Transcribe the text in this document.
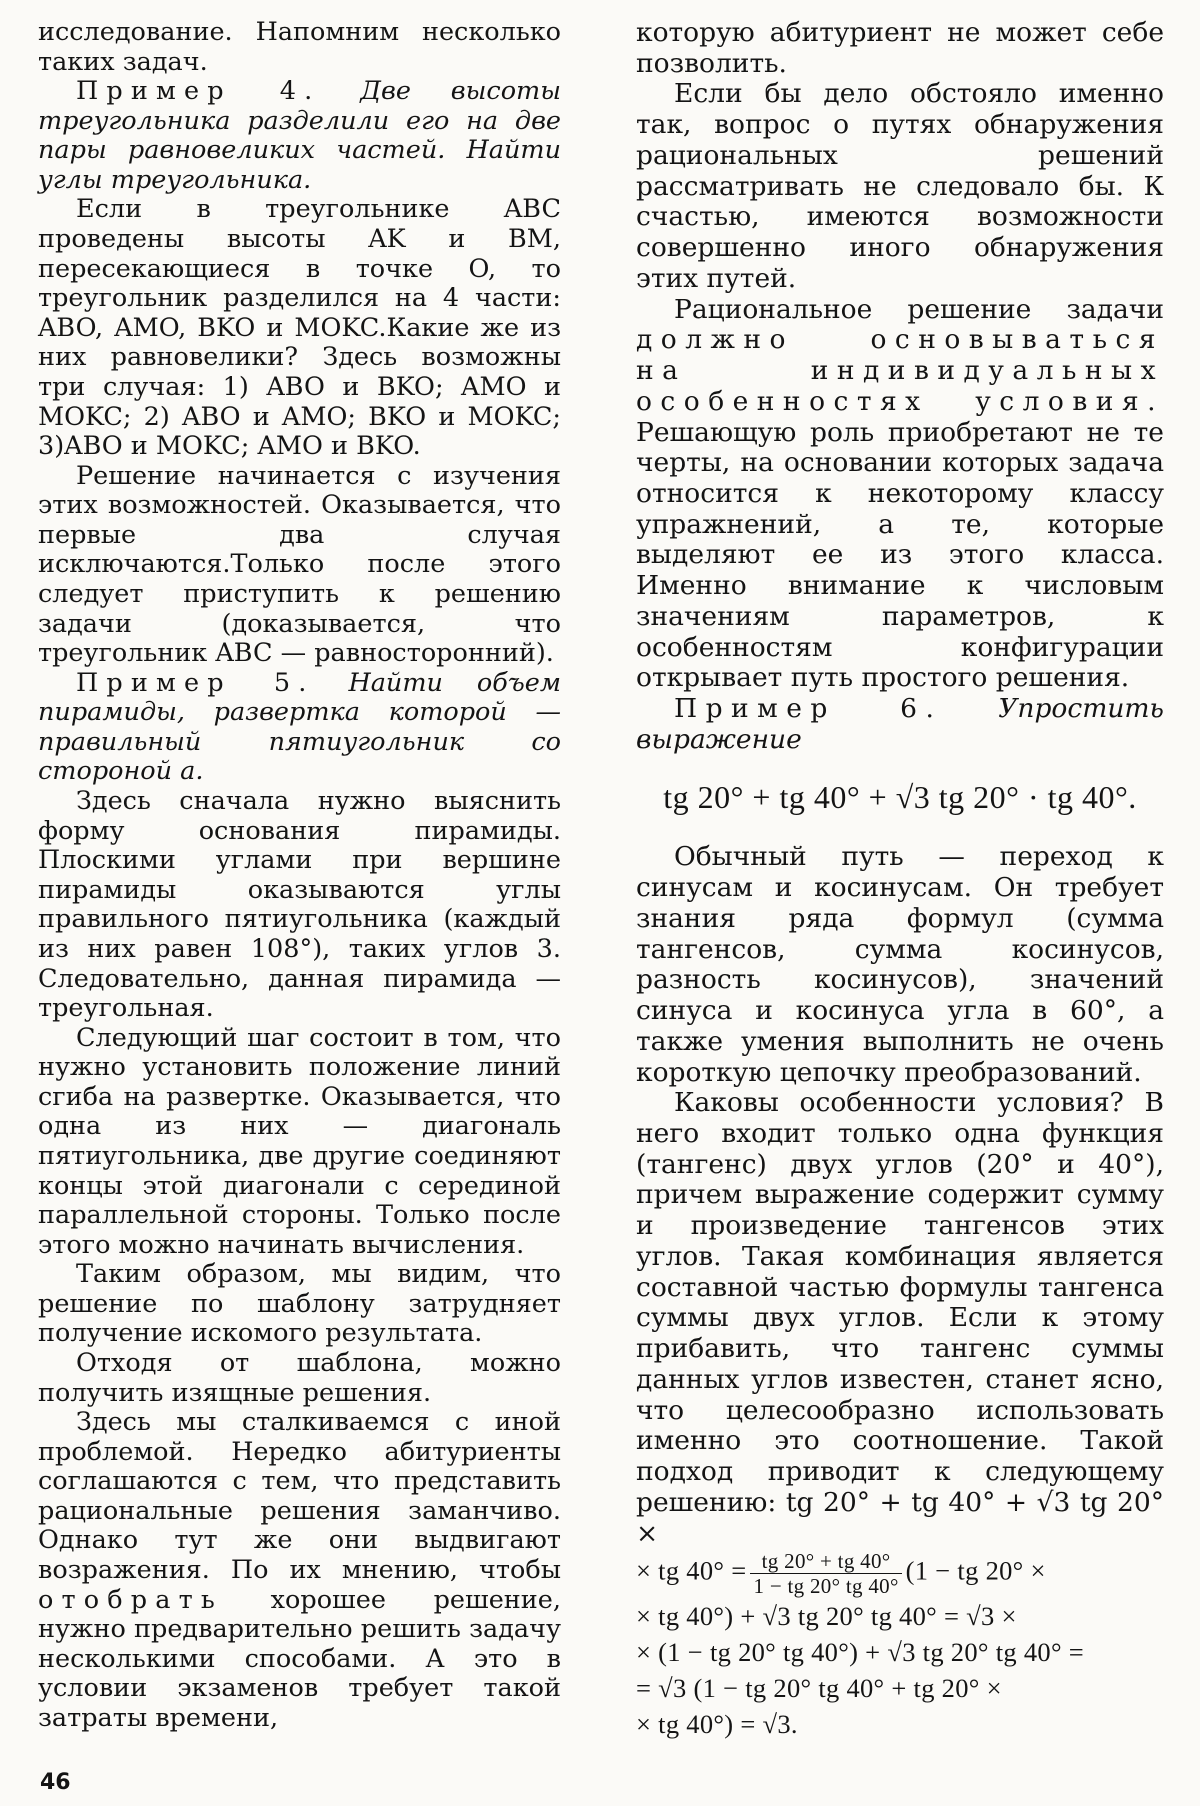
исследование. Напомним несколько таких задач.

Пример 4. Две высоты треугольника разделили его на две пары равновеликих частей. Найти углы треугольника.

Если в треугольнике ABC проведены высоты AK и BM, пересекающиеся в точке O, то треугольник разделился на 4 части: ABO, AMO, BKO и MOKC.Какие же из них равновелики? Здесь возможны три случая: 1) ABO и BKO; AMO и MOKC; 2) ABO и AMO; BKO и MOKC; 3)ABO и MOKC; AMO и BKO.

Решение начинается с изучения этих возможностей. Оказывается, что первые два случая исключаются.Только после этого следует приступить к решению задачи (доказывается, что треугольник ABC — равносторонний).

Пример 5. Найти объем пирамиды, развертка которой — правильный пятиугольник со стороной a.

Здесь сначала нужно выяснить форму основания пирамиды. Плоскими углами при вершине пирамиды оказываются углы правильного пятиугольника (каждый из них равен 108°), таких углов 3. Следовательно, данная пирамида — треугольная.

Следующий шаг состоит в том, что нужно установить положение линий сгиба на развертке. Оказывается, что одна из них — диагональ пятиугольника, две другие соединяют концы этой диагонали с серединой параллельной стороны. Только после этого можно начинать вычисления.

Таким образом, мы видим, что решение по шаблону затрудняет получение искомого результата.

Отходя от шаблона, можно получить изящные решения.

Здесь мы сталкиваемся с иной проблемой. Нередко абитуриенты соглашаются с тем, что представить рациональные решения заманчиво. Однако тут же они выдвигают возражения. По их мнению, чтобы отобрать хорошее решение, нужно предварительно решить задачу несколькими способами. А это в условии экзаменов требует такой затраты времени,

которую абитуриент не может себе позволить.

Если бы дело обстояло именно так, вопрос о путях обнаружения рациональных решений рассматривать не следовало бы. К счастью, имеются возможности совершенно иного обнаружения этих путей.

Рациональное решение задачи должно основываться на индивидуальных особенностях условия. Решающую роль приобретают не те черты, на основании которых задача относится к некоторому классу упражнений, а те, которые выделяют ее из этого класса. Именно внимание к числовым значениям параметров, к особенностям конфигурации открывает путь простого решения.

Пример 6. Упростить выражение

tg 20° + tg 40° + √3 tg 20° · tg 40°.

Обычный путь — переход к синусам и косинусам. Он требует знания ряда формул (сумма тангенсов, сумма косинусов, разность косинусов), значений синуса и косинуса угла в 60°, а также умения выполнить не очень короткую цепочку преобразований.

Каковы особенности условия? В него входит только одна функция (тангенс) двух углов (20° и 40°), причем выражение содержит сумму и произведение тангенсов этих углов. Такая комбинация является составной частью формулы тангенса суммы двух углов. Если к этому прибавить, что тангенс суммы данных углов известен, станет ясно, что целесообразно использовать именно это соотношение. Такой подход приводит к следующему решению: tg 20° + tg 40° + √3 tg 20° ×

× tg $40^\circ = \frac{tg 20^\circ + tg 40^\circ}{1 - tg 20^\circ tg 40^\circ} (1$ − tg 20° ×

× tg 40°) + √3 tg 20° tg 40° = √3 ×

× (1 − tg 20° tg 40°) + √3 tg 20° tg 40° =

= √3 (1 − tg 20° tg 40° + tg 20° ×

× tg 40°) = √3.

46
